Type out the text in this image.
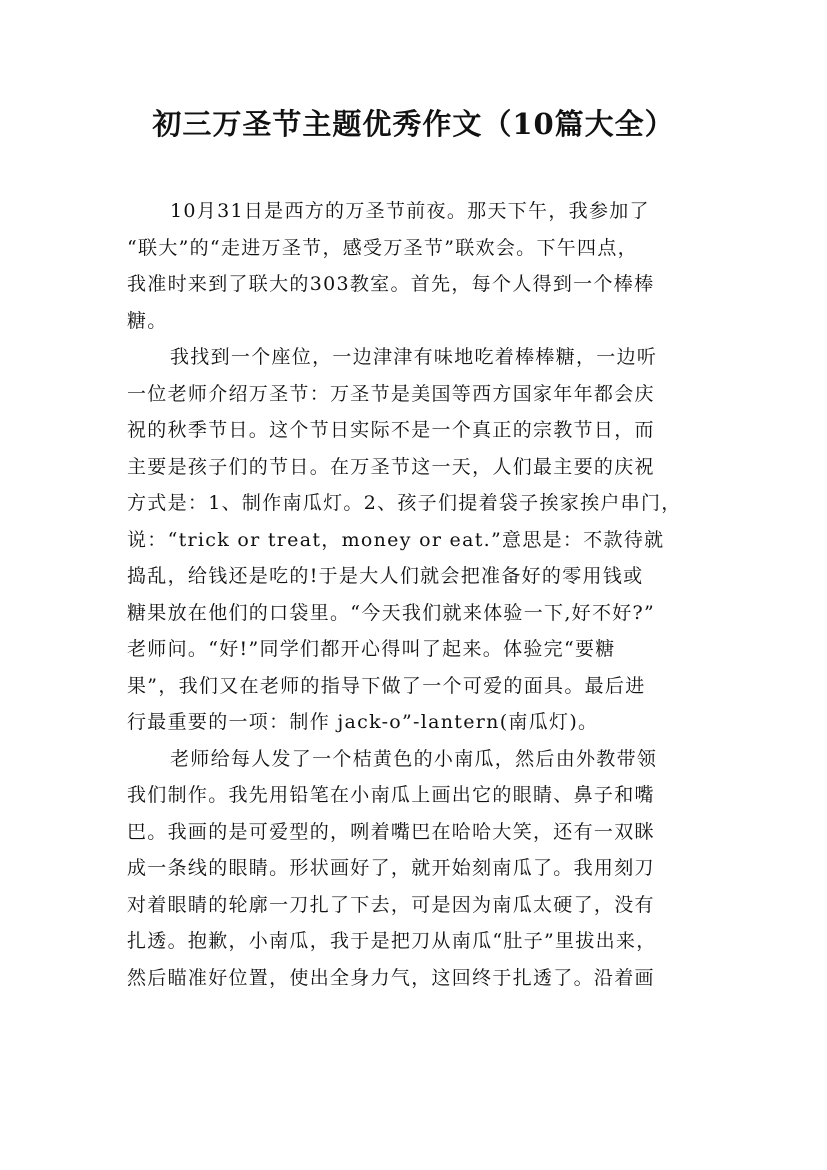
初三万圣节主题优秀作文（10篇大全）
10月31日是西方的万圣节前夜。那天下午，我参加了
“联大”的“走进万圣节，感受万圣节”联欢会。下午四点，
我准时来到了联大的303教室。首先，每个人得到一个棒棒
糖。
我找到一个座位，一边津津有味地吃着棒棒糖，一边听
一位老师介绍万圣节：万圣节是美国等西方国家年年都会庆
祝的秋季节日。这个节日实际不是一个真正的宗教节日，而
主要是孩子们的节日。在万圣节这一天，人们最主要的庆祝
方式是：1、制作南瓜灯。2、孩子们提着袋子挨家挨户串门，
说：“trick or treat，money or eat.”意思是：不款待就
捣乱，给钱还是吃的!于是大人们就会把准备好的零用钱或
糖果放在他们的口袋里。“今天我们就来体验一下,好不好?”
老师问。“好!”同学们都开心得叫了起来。体验完“要糖
果”，我们又在老师的指导下做了一个可爱的面具。最后进
行最重要的一项：制作 jack-o”-lantern(南瓜灯)。
老师给每人发了一个桔黄色的小南瓜，然后由外教带领
我们制作。我先用铅笔在小南瓜上画出它的眼睛、鼻子和嘴
巴。我画的是可爱型的，咧着嘴巴在哈哈大笑，还有一双眯
成一条线的眼睛。形状画好了，就开始刻南瓜了。我用刻刀
对着眼睛的轮廓一刀扎了下去，可是因为南瓜太硬了，没有
扎透。抱歉，小南瓜，我于是把刀从南瓜“肚子”里拔出来，
然后瞄准好位置，使出全身力气，这回终于扎透了。沿着画
